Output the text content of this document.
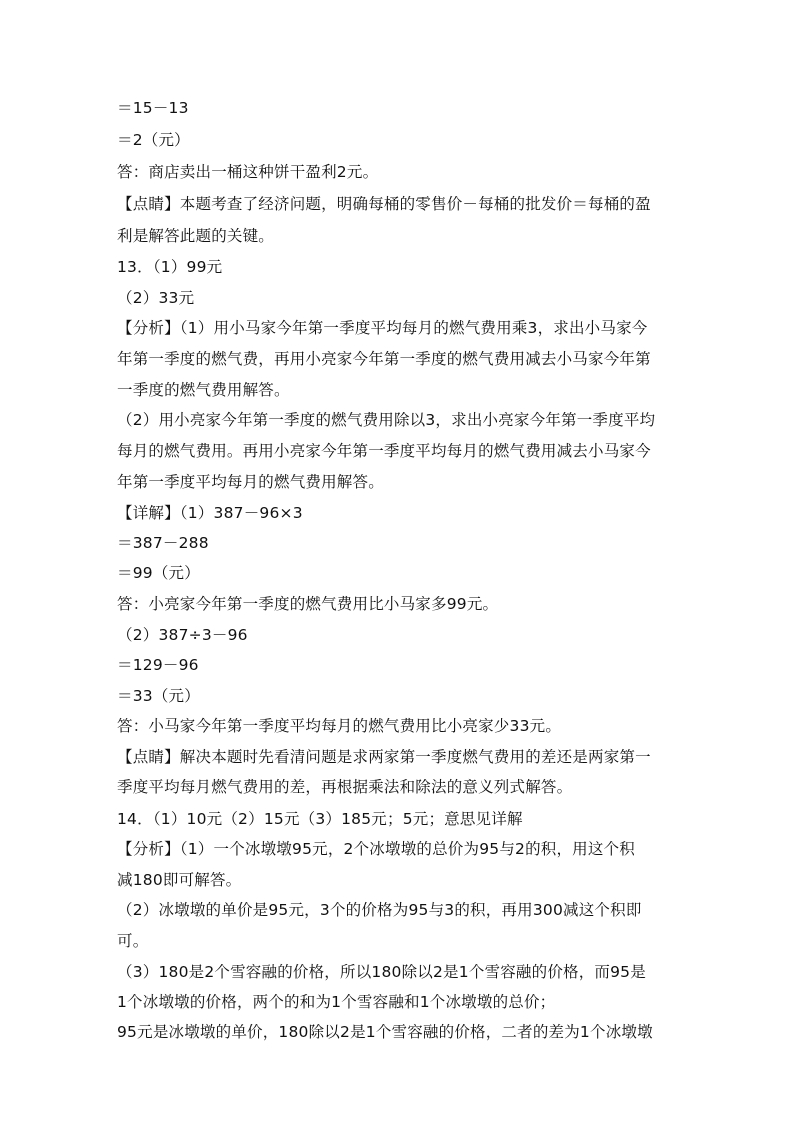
＝15－13
＝2（元）
答：商店卖出一桶这种饼干盈利2元。
【点睛】本题考查了经济问题，明确每桶的零售价－每桶的批发价＝每桶的盈
利是解答此题的关键。
13．（1）99元
（2）33元
【分析】（1）用小马家今年第一季度平均每月的燃气费用乘3，求出小马家今
年第一季度的燃气费，再用小亮家今年第一季度的燃气费用减去小马家今年第
一季度的燃气费用解答。
（2）用小亮家今年第一季度的燃气费用除以3，求出小亮家今年第一季度平均
每月的燃气费用。再用小亮家今年第一季度平均每月的燃气费用减去小马家今
年第一季度平均每月的燃气费用解答。
【详解】（1）387－96×3
＝387－288
＝99（元）
答：小亮家今年第一季度的燃气费用比小马家多99元。
（2）387÷3－96
＝129－96
＝33（元）
答：小马家今年第一季度平均每月的燃气费用比小亮家少33元。
【点睛】解决本题时先看清问题是求两家第一季度燃气费用的差还是两家第一
季度平均每月燃气费用的差，再根据乘法和除法的意义列式解答。
14．（1）10元（2）15元（3）185元；5元；意思见详解
【分析】（1）一个冰墩墩95元，2个冰墩墩的总价为95与2的积，用这个积
减180即可解答。
（2）冰墩墩的单价是95元，3个的价格为95与3的积，再用300减这个积即
可。
（3）180是2个雪容融的价格，所以180除以2是1个雪容融的价格，而95是
1个冰墩墩的价格，两个的和为1个雪容融和1个冰墩墩的总价；
95元是冰墩墩的单价，180除以2是1个雪容融的价格，二者的差为1个冰墩墩
